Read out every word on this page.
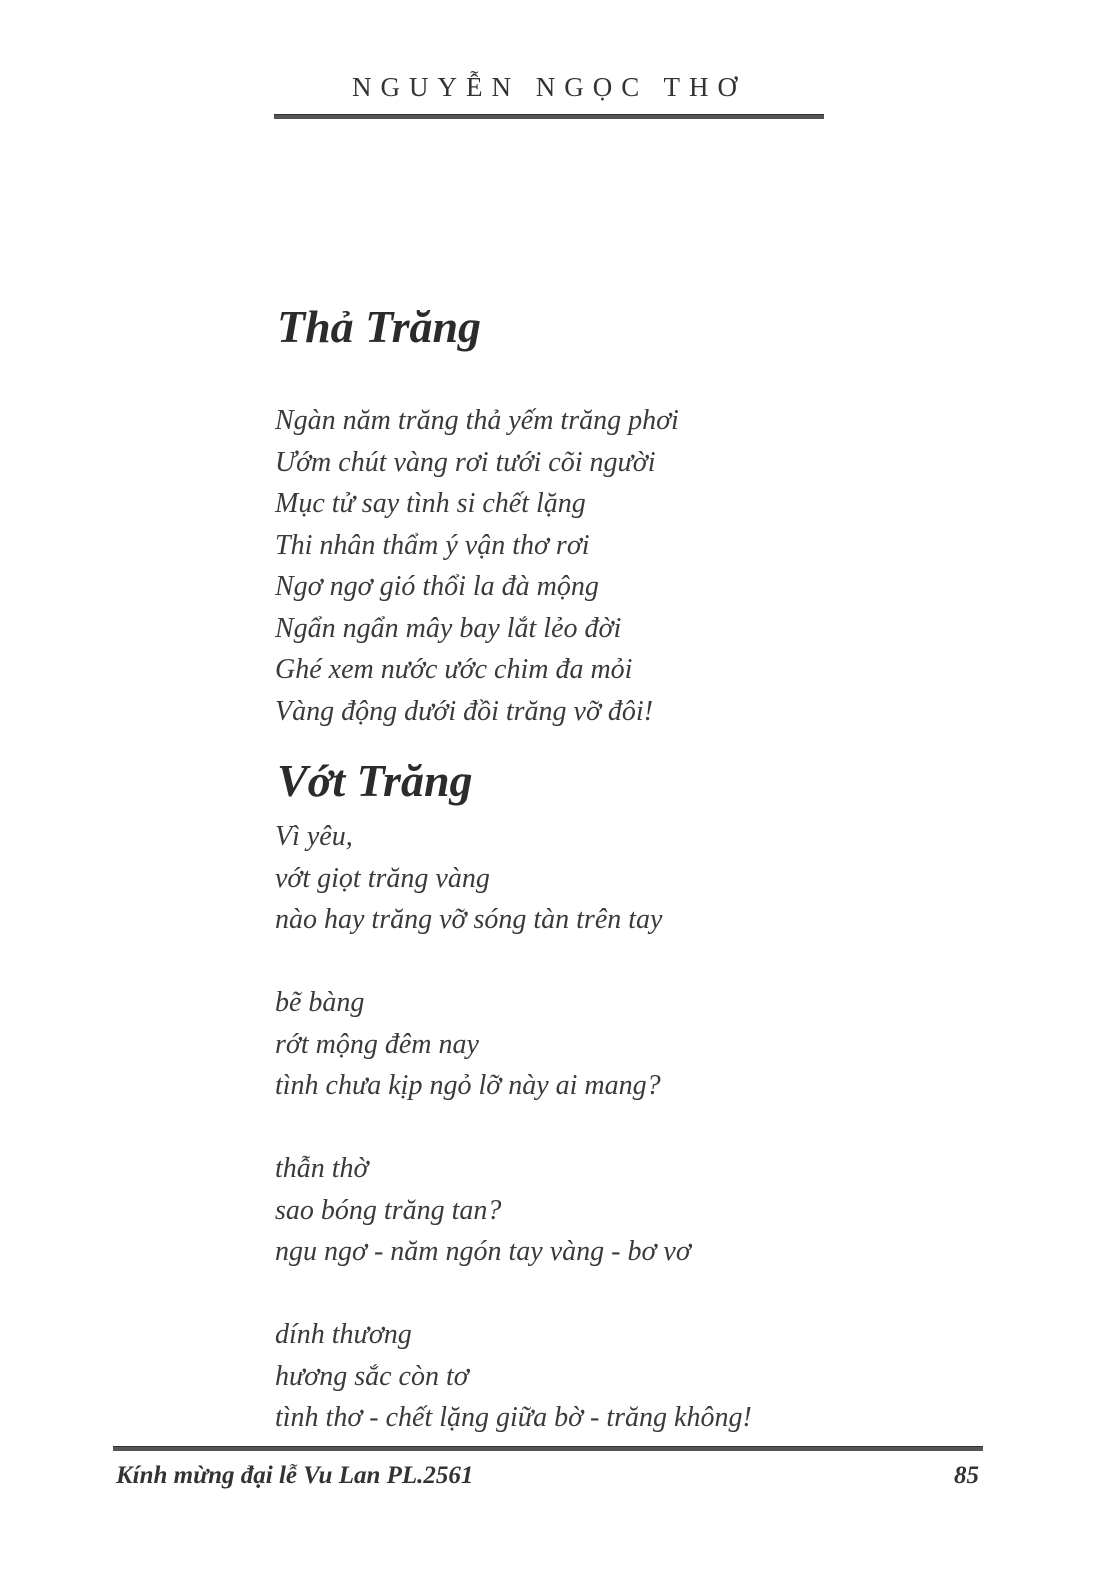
NGUYỄN NGỌC THƠ
Thả Trăng
Ngàn năm trăng thả yếm trăng phơi
Ướm chút vàng rơi tưới cõi người
Mục tử say tình si chết lặng
Thi nhân thẩm ý vận thơ rơi
Ngơ ngơ gió thổi la đà mộng
Ngẩn ngẩn mây bay lắt lẻo đời
Ghé xem nước ước chim đa mỏi
Vàng động dưới đồi trăng vỡ đôi!
Vớt Trăng
Vì yêu,
vớt giọt trăng vàng
nào hay trăng vỡ sóng tàn trên tay
bẽ bàng
rớt mộng đêm nay
tình chưa kịp ngỏ lỡ này ai mang?
thẫn thờ
sao bóng trăng tan?
ngu ngơ - năm ngón tay vàng - bơ vơ
dính thương
hương sắc còn tơ
tình thơ - chết lặng giữa bờ - trăng không!
Kính mừng đại lễ Vu Lan PL.2561	85
